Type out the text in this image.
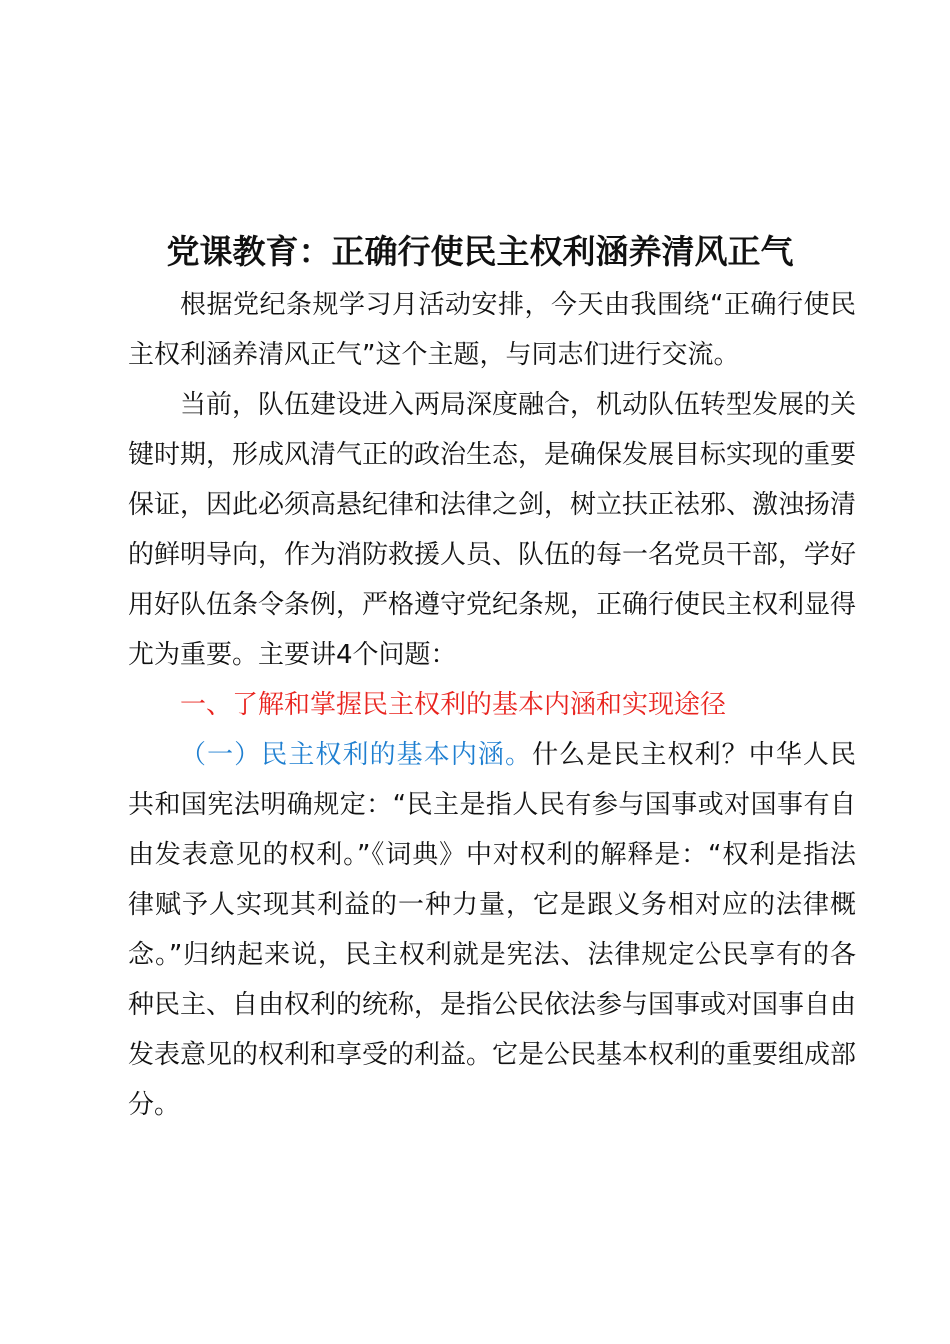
党课教育：正确行使民主权利涵养清风正气

根据党纪条规学习月活动安排，今天由我围绕“正确行使民主权利涵养清风正气”这个主题，与同志们进行交流。

当前，队伍建设进入两局深度融合，机动队伍转型发展的关键时期，形成风清气正的政治生态，是确保发展目标实现的重要保证，因此必须高悬纪律和法律之剑，树立扶正祛邪、激浊扬清的鲜明导向，作为消防救援人员、队伍的每一名党员干部，学好用好队伍条令条例，严格遵守党纪条规，正确行使民主权利显得尤为重要。主要讲4个问题：

一、了解和掌握民主权利的基本内涵和实现途径

（一）民主权利的基本内涵。什么是民主权利？中华人民共和国宪法明确规定：“民主是指人民有参与国事或对国事有自由发表意见的权利。”《词典》中对权利的解释是：“权利是指法律赋予人实现其利益的一种力量，它是跟义务相对应的法律概念。”归纳起来说，民主权利就是宪法、法律规定公民享有的各种民主、自由权利的统称，是指公民依法参与国事或对国事自由发表意见的权利和享受的利益。它是公民基本权利的重要组成部分。
